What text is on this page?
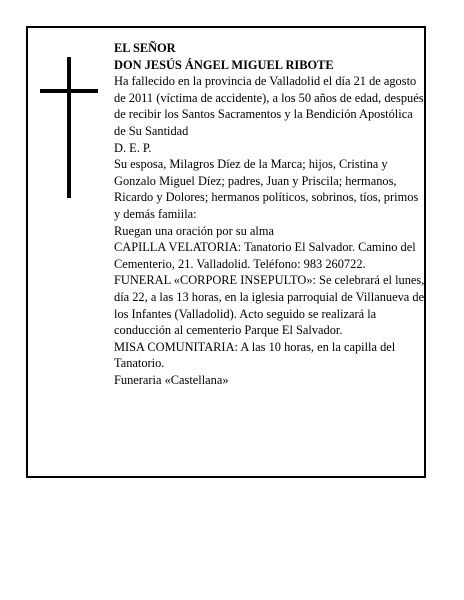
EL SEÑOR

DON JESÚS ÁNGEL MIGUEL RIBOTE

Ha fallecido en la provincia de Valladolid el día 21 de agosto de 2011 (víctima de accidente), a los 50 años de edad, después de recibir los Santos Sacramentos y la Bendición Apostólica de Su Santidad

D. E. P.

Su esposa, Milagros Díez de la Marca; hijos, Cristina y Gonzalo Miguel Díez; padres, Juan y Priscila; hermanos, Ricardo y Dolores; hermanos políticos, sobrinos, tíos, primos y demás famiila:

Ruegan una oración por su alma

CAPILLA VELATORIA: Tanatorio El Salvador. Camino del Cementerio, 21. Valladolid. Teléfono: 983 260722.

FUNERAL «CORPORE INSEPULTO»: Se celebrará el lunes, día 22, a las 13 horas, en la iglesia parroquial de Villanueva de los Infantes (Valladolid). Acto seguido se realizará la conducción al cementerio Parque El Salvador.

MISA COMUNITARIA: A las 10 horas, en la capilla del Tanatorio.

Funeraria «Castellana»
